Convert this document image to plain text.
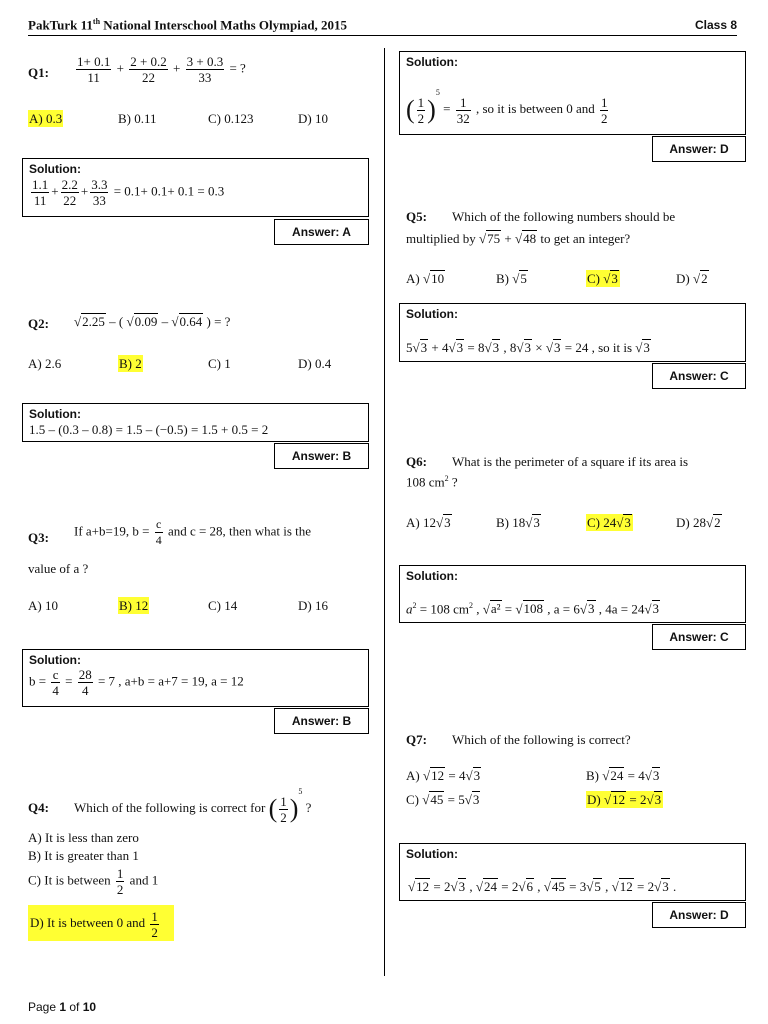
PakTurk 11th National Interschool Maths Olympiad, 2015	Class 8
Q1: $\frac{1+ 0.1}{11} + \frac{2 + 0.2}{22} + \frac{3 + 0.3}{33}$ = ?
A) 0.3	B) 0.11	C) 0.123	D) 10
Solution:
$\frac{1.1}{11} + \frac{2.2}{22} + \frac{3.3}{33} = 0.1+ 0.1+ 0.1 = 0.3$
Answer: A
Q2: √2.25 – ( √0.09 – √0.64 ) = ?
A) 2.6	B) 2	C) 1	D) 0.4
Solution:
1.5 – (0.3 – 0.8) = 1.5 – (−0.5) = 1.5 + 0.5 = 2
Answer: B
Q3: If a+b=19, $b = \frac{c}{4}$ and c = 28, then what is the
value of a ?
A) 10	B) 12	C) 14	D) 16
Solution:
$b = \frac{c}{4} = \frac{28}{4} = 7$ , a+b = a+7 = 19, a = 12
Answer: B
Q4: Which of the following is correct for ( $\frac{1}{2} )^5$ ?
A) It is less than zero
B) It is greater than 1
C) It is between $\frac{1}{2}$ and 1
D) It is between 0 and $\frac{1}{2}$
Solution:
( $\frac{1}{2} )^5 = \frac{1}{32}$ , so it is between 0 and $\frac{1}{2}$
Answer: D
Q5: Which of the following numbers should be
multiplied by √75 + √48 to get an integer?
A) √10	B) √5	C) √3	D) √2
Solution:
5√3 + 4√3 = 8√3 , 8√3 × √3 = 24 , so it is √3
Answer: C
Q6: What is the perimeter of a square if its area is
108 $cm^2$ ?
A) 12√3	B) 18√3	C) 24√3	D) 28√2
Solution:
$a^2 = 108$ $cm^2$ , √a² = √108 , a = 6√3 , 4a = 24√3
Answer: C
Q7: Which of the following is correct?
A) √12 = 4√3	B) √24 = 4√3
C) √45 = 5√3	D) √12 = 2√3
Solution:
√12 = 2√3 , √24 = 2√6 , √45 = 3√5 , √12 = 2√3 .
Answer: D
Page 1 of 10
